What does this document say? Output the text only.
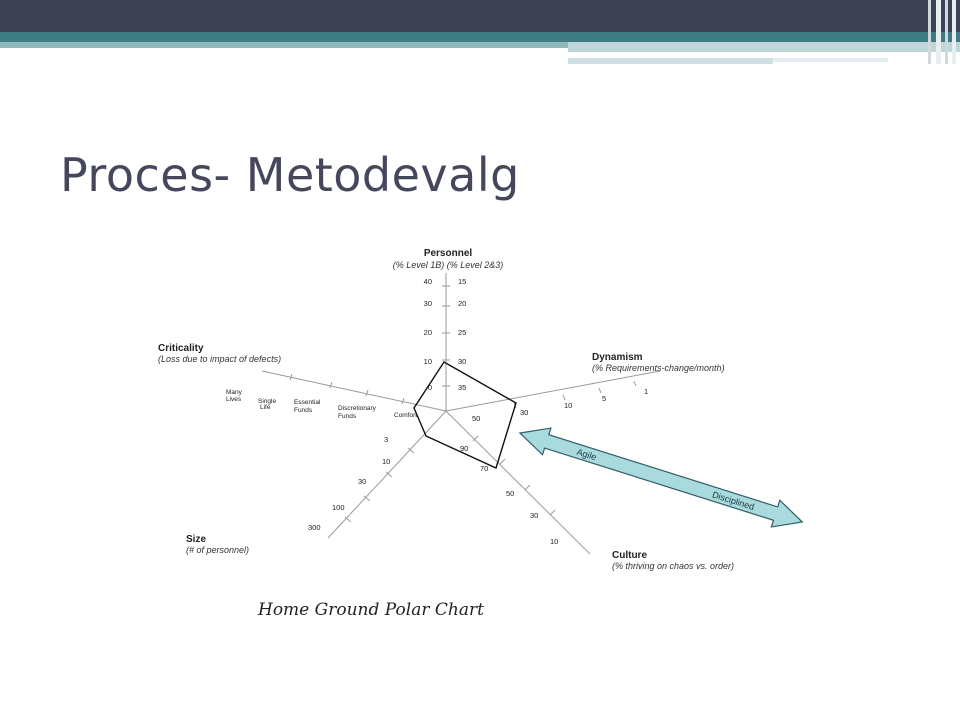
Proces- Metodevalg
Personnel
(% Level 1B) (% Level 2&3)
40
30
20
10
0
15
20
25
30
35
Dynamism
(% Requirements-change/month)
50
30
10
5
1
Culture
(% thriving on chaos vs. order)
90
70
50
30
10
Size
(# of personnel)
3
10
30
100
300
Criticality
(Loss due to impact of defects)
Comfort
Discretionary
Funds
Essential
Funds
Single
Life
Many
Lives
Agile
Disciplined
Home Ground Polar Chart
